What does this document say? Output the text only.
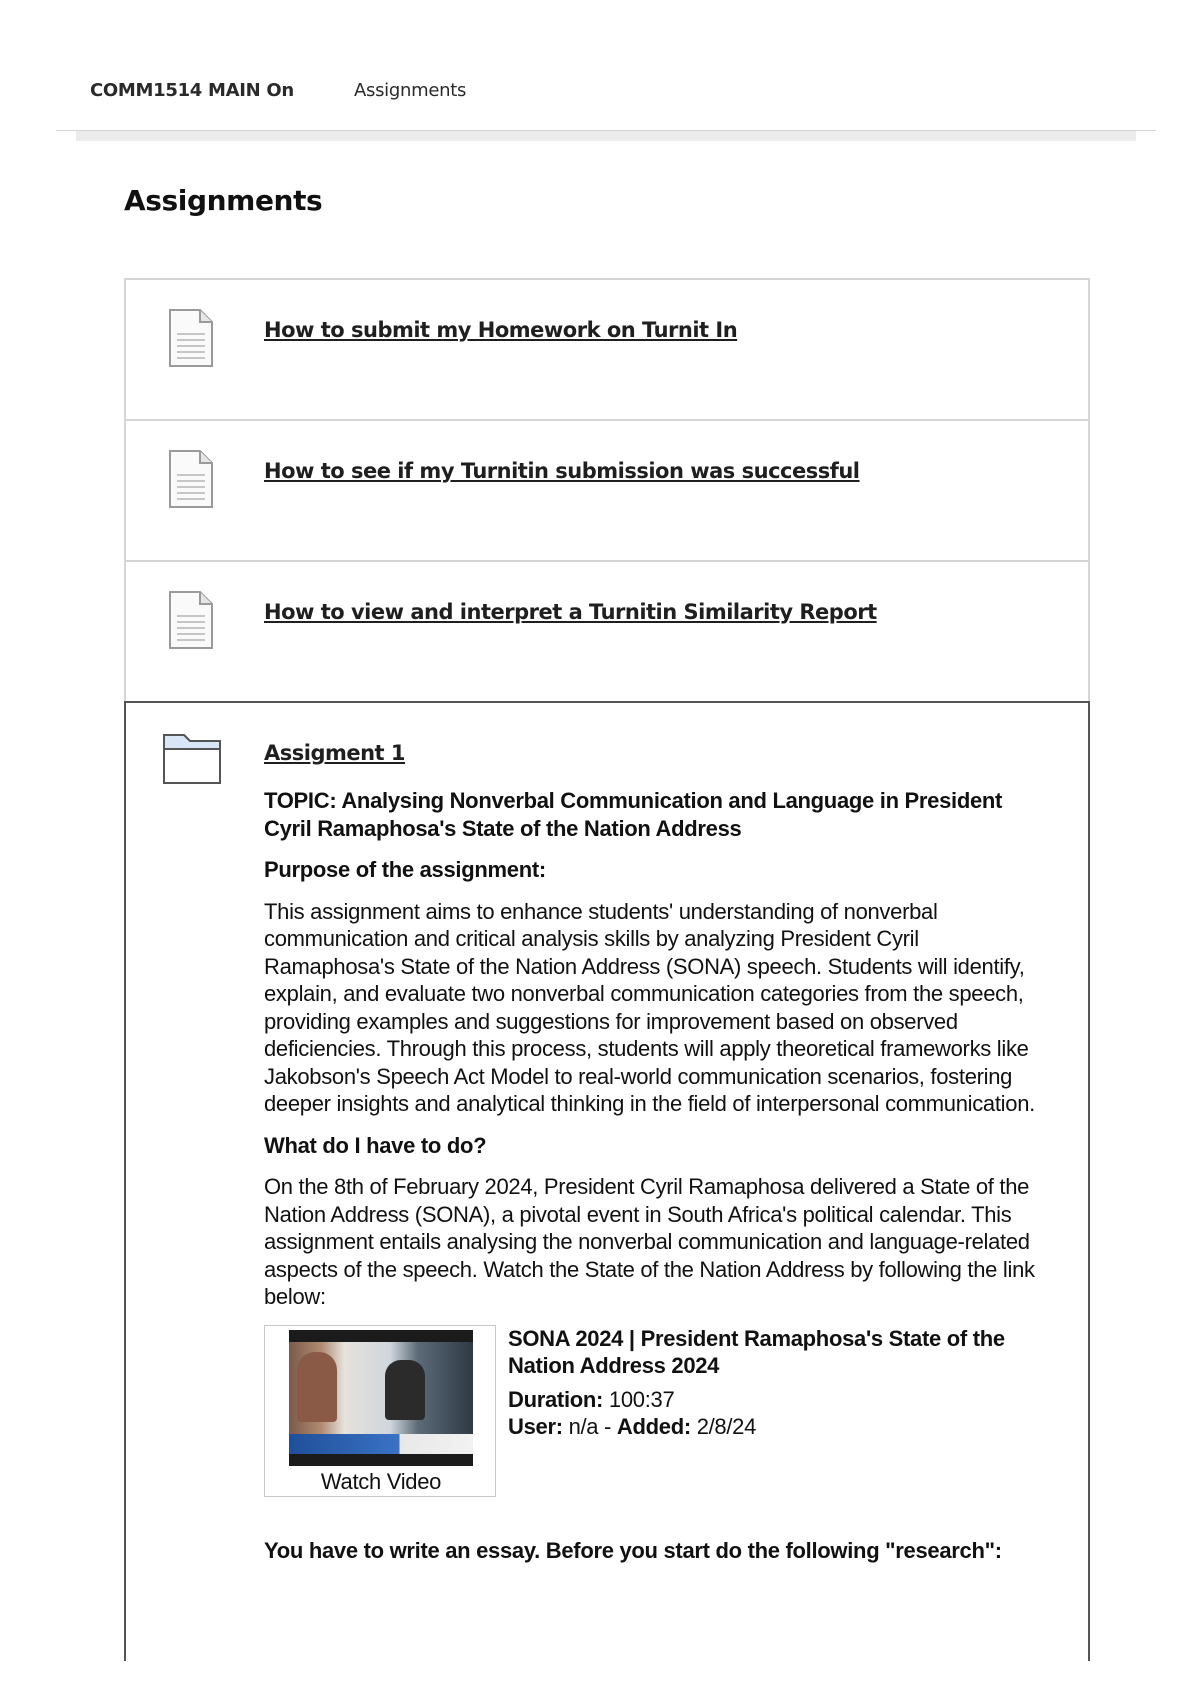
COMM1514 MAIN On	Assignments
Assignments
How to submit my Homework on Turnit In
How to see if my Turnitin submission was successful
How to view and interpret a Turnitin Similarity Report
Assigment 1

TOPIC: Analysing Nonverbal Communication and Language in President Cyril Ramaphosa's State of the Nation Address

Purpose of the assignment:

This assignment aims to enhance students' understanding of nonverbal communication and critical analysis skills by analyzing President Cyril Ramaphosa's State of the Nation Address (SONA) speech. Students will identify, explain, and evaluate two nonverbal communication categories from the speech, providing examples and suggestions for improvement based on observed deficiencies. Through this process, students will apply theoretical frameworks like Jakobson's Speech Act Model to real-world communication scenarios, fostering deeper insights and analytical thinking in the field of interpersonal communication.

What do I have to do?

On the 8th of February 2024, President Cyril Ramaphosa delivered a State of the Nation Address (SONA), a pivotal event in South Africa's political calendar. This assignment entails analysing the nonverbal communication and language-related aspects of the speech. Watch the State of the Nation Address by following the link below:

Watch Video
SONA 2024 | President Ramaphosa's State of the Nation Address 2024
Duration: 100:37
User: n/a - Added: 2/8/24

You have to write an essay. Before you start do the following "research":
